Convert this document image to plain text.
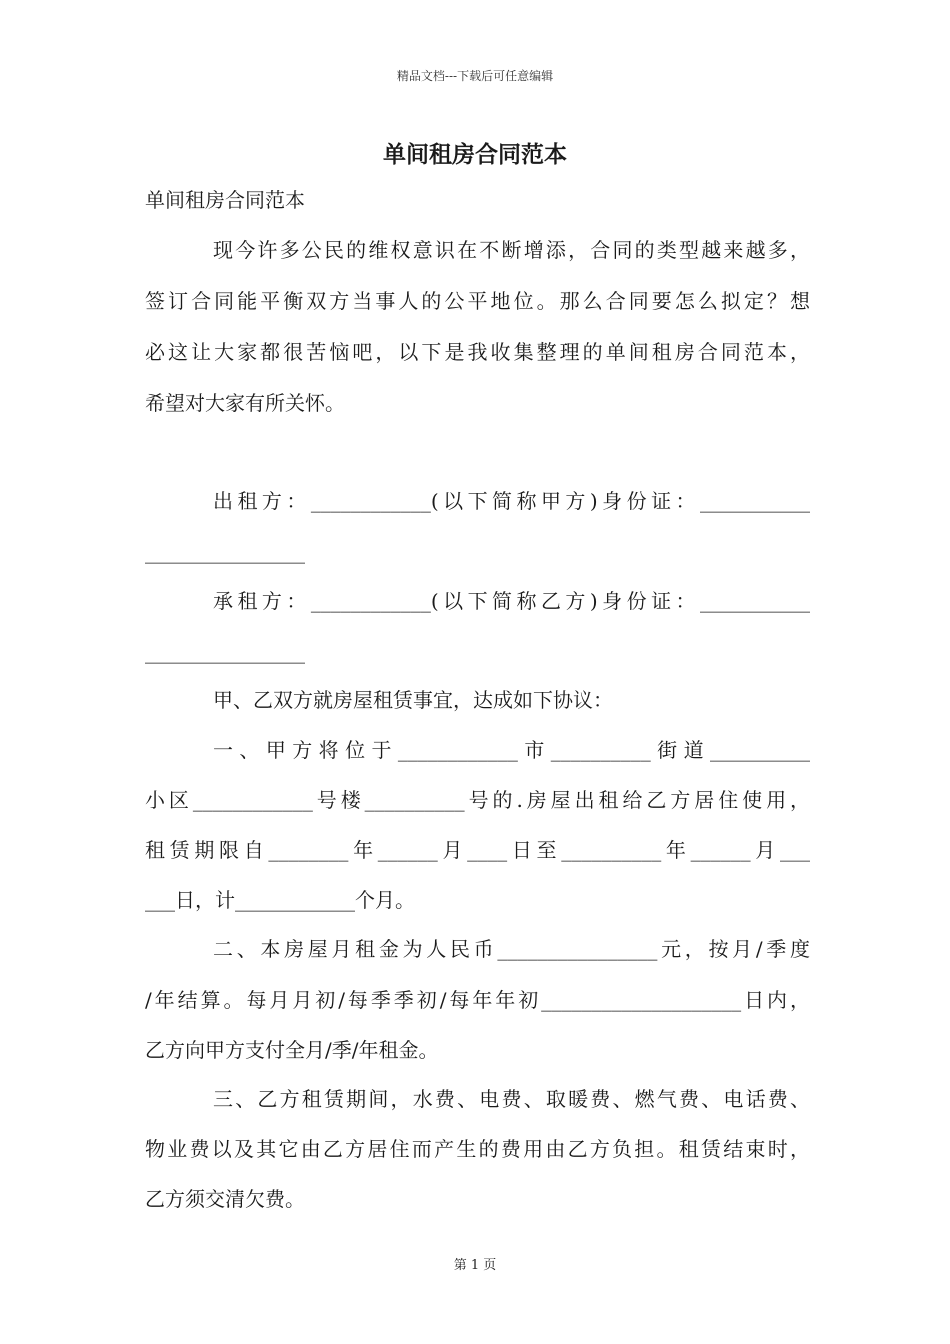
精品文档---下载后可任意编辑
单间租房合同范本
单间租房合同范本
现今许多公民的维权意识在不断增添，合同的类型越来越多，
签订合同能平衡双方当事人的公平地位。那么合同要怎么拟定？想
必这让大家都很苦恼吧，以下是我收集整理的单间租房合同范本，
希望对大家有所关怀。
出租方：____________(以下简称甲方)身份证：___________
________________
承租方：____________(以下简称乙方)身份证：___________
________________
甲、乙双方就房屋租赁事宜，达成如下协议：
一、甲方将位于____________市__________街道__________
小区____________号楼__________号的.房屋出租给乙方居住使用，
租赁期限自________年______月____日至__________年______月___
___日，计____________个月。
二、本房屋月租金为人民币________________元，按月/季度
/年结算。每月月初/每季季初/每年年初____________________日内，
乙方向甲方支付全月/季/年租金。
三、乙方租赁期间，水费、电费、取暖费、燃气费、电话费、
物业费以及其它由乙方居住而产生的费用由乙方负担。租赁结束时，
乙方须交清欠费。
第 1 页
